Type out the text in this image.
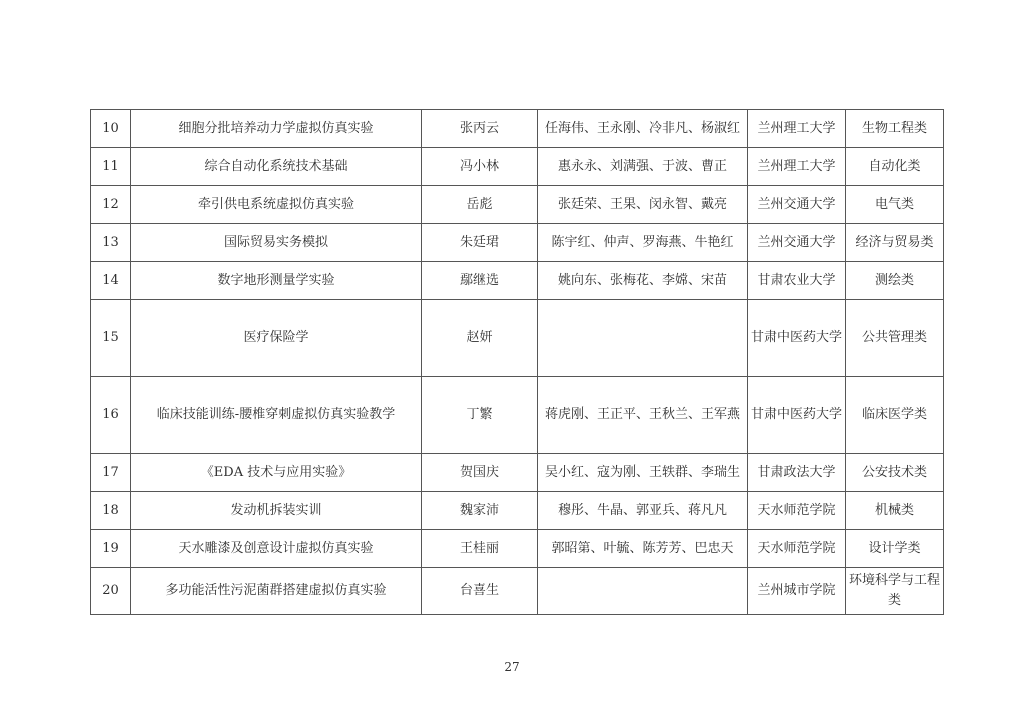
10	细胞分批培养动力学虚拟仿真实验	张丙云	任海伟、王永刚、冷非凡、杨淑红	兰州理工大学	生物工程类
11	综合自动化系统技术基础	冯小林	惠永永、刘满强、于波、曹正	兰州理工大学	自动化类
12	牵引供电系统虚拟仿真实验	岳彪	张廷荣、王果、闵永智、戴亮	兰州交通大学	电气类
13	国际贸易实务模拟	朱廷珺	陈宇红、仲声、罗海燕、牛艳红	兰州交通大学	经济与贸易类
14	数字地形测量学实验	鄢继选	姚向东、张梅花、李嫦、宋苗	甘肃农业大学	测绘类
15	医疗保险学	赵妍		甘肃中医药大学	公共管理类
16	临床技能训练-腰椎穿刺虚拟仿真实验教学	丁繁	蒋虎刚、王正平、王秋兰、王军燕	甘肃中医药大学	临床医学类
17	《EDA 技术与应用实验》	贺国庆	吴小红、寇为刚、王轶群、李瑞生	甘肃政法大学	公安技术类
18	发动机拆装实训	魏家沛	穆彤、牛晶、郭亚兵、蒋凡凡	天水师范学院	机械类
19	天水雕漆及创意设计虚拟仿真实验	王桂丽	郭昭第、叶毓、陈芳芳、巴忠天	天水师范学院	设计学类
20	多功能活性污泥菌群搭建虚拟仿真实验	台喜生		兰州城市学院	环境科学与工程类
27
